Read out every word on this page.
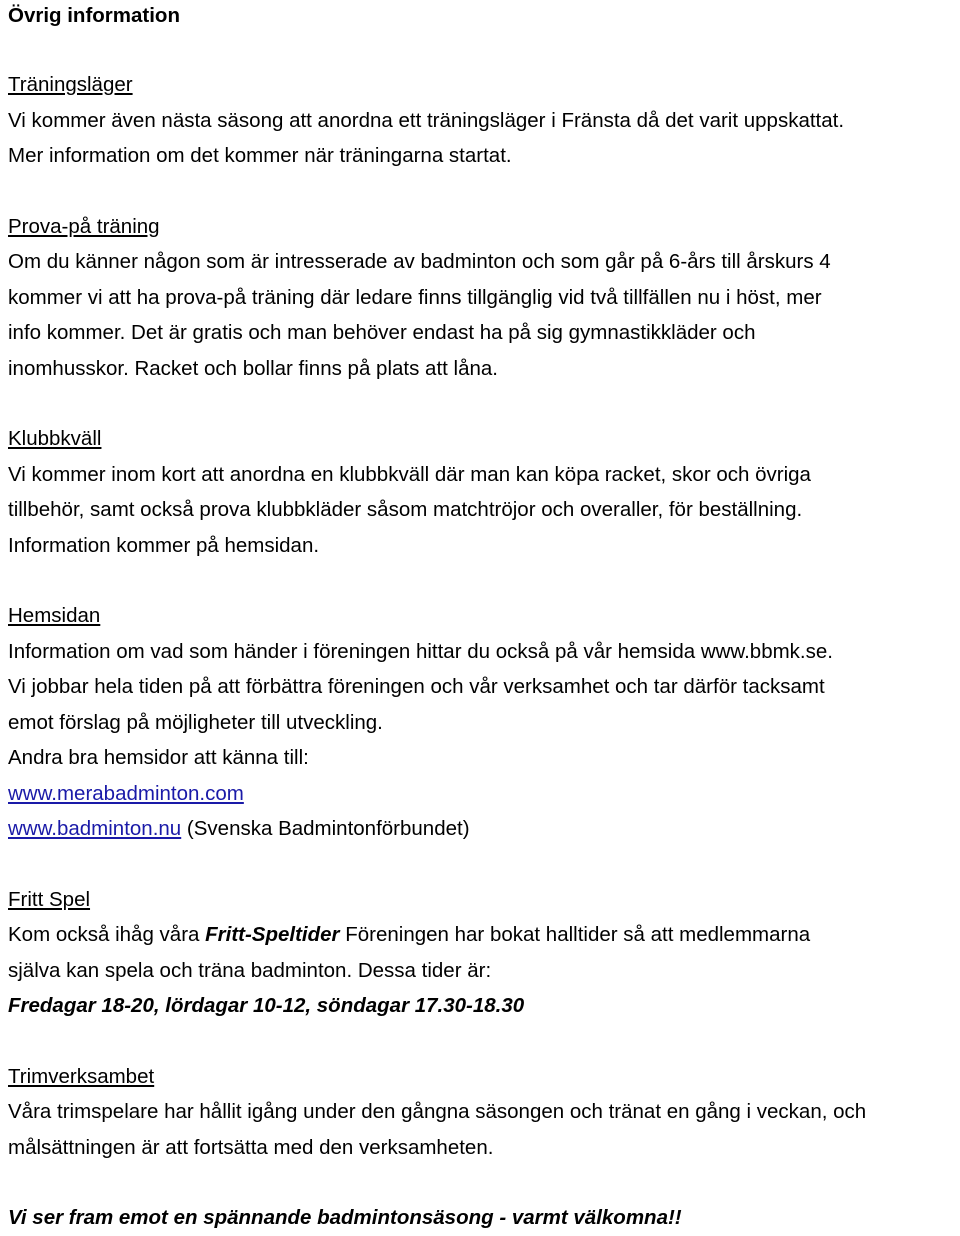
Övrig information
Träningsläger
Vi kommer även nästa säsong att anordna ett träningsläger i Fränsta då det varit uppskattat.
Mer information om det kommer när träningarna startat.
Prova-på träning
Om du känner någon som är intresserade av badminton och som går på 6-års till årskurs 4
kommer vi att ha prova-på träning där ledare finns tillgänglig vid två tillfällen nu i höst, mer
info kommer. Det är gratis och man behöver endast ha på sig gymnastikkläder och
inomhusskor. Racket och bollar finns på plats att låna.
Klubbkväll
Vi kommer inom kort att anordna en klubbkväll där man kan köpa racket, skor och övriga
tillbehör, samt också prova klubbkläder såsom matchtröjor och overaller, för beställning.
Information kommer på hemsidan.
Hemsidan
Information om vad som händer i föreningen hittar du också på vår hemsida www.bbmk.se.
Vi jobbar hela tiden på att förbättra föreningen och vår verksamhet och tar därför tacksamt
emot förslag på möjligheter till utveckling.
Andra bra hemsidor att känna till:
www.merabadminton.com
www.badminton.nu (Svenska Badmintonförbundet)
Fritt Spel
Kom också ihåg våra Fritt-Speltider Föreningen har bokat halltider så att medlemmarna
själva kan spela och träna badminton. Dessa tider är:
Fredagar 18-20, lördagar 10-12, söndagar 17.30-18.30
Trimverksambet
Våra trimspelare har hållit igång under den gångna säsongen och tränat en gång i veckan, och
målsättningen är att fortsätta med den verksamheten.
Vi ser fram emot en spännande badmintonsäsong - varmt välkomna!!
